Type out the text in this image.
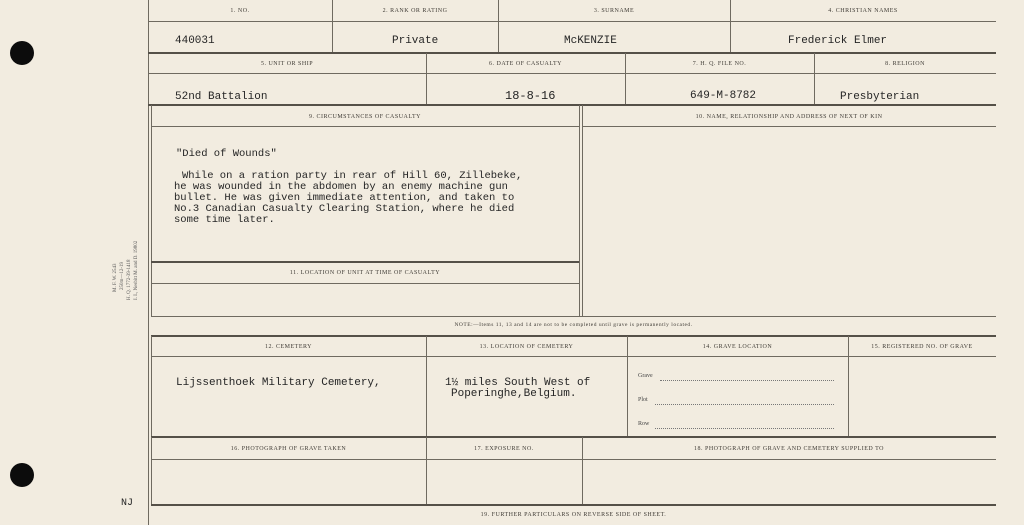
M. F. W. 2543 250m—12-19 H. Q. 1772-39-1418 I. I., Nesbitt M. and D. 19802
NJ
1. NO.	2. RANK OR RATING	3. SURNAME	4. CHRISTIAN NAMES
440031	Private	McKENZIE	Frederick Elmer
5. UNIT OR SHIP	6. DATE OF CASUALTY	7. H. Q. FILE NO.	8. RELIGION
52nd Battalion	18-8-16	649-M-8782	Presbyterian
9. CIRCUMSTANCES OF CASUALTY	10. NAME, RELATIONSHIP AND ADDRESS OF NEXT OF KIN
"Died of Wounds"
While on a ration party in rear of Hill 60, Zillebeke,
he was wounded in the abdomen by an enemy machine gun
bullet. He was given immediate attention, and taken to
No.3 Canadian Casualty Clearing Station, where he died
some time later.
11. LOCATION OF UNIT AT TIME OF CASUALTY
NOTE:—Items 11, 13 and 14 are not to be completed until grave is permanently located.
12. CEMETERY	13. LOCATION OF CEMETERY	14. GRAVE LOCATION	15. REGISTERED NO. OF GRAVE
Lijssenthoek Military Cemetery,	1½ miles South West of
Poperinghe,Belgium.
Grave
Plot
Row
16. PHOTOGRAPH OF GRAVE TAKEN	17. EXPOSURE NO.	18. PHOTOGRAPH OF GRAVE AND CEMETERY SUPPLIED TO
19. FURTHER PARTICULARS ON REVERSE SIDE OF SHEET.
